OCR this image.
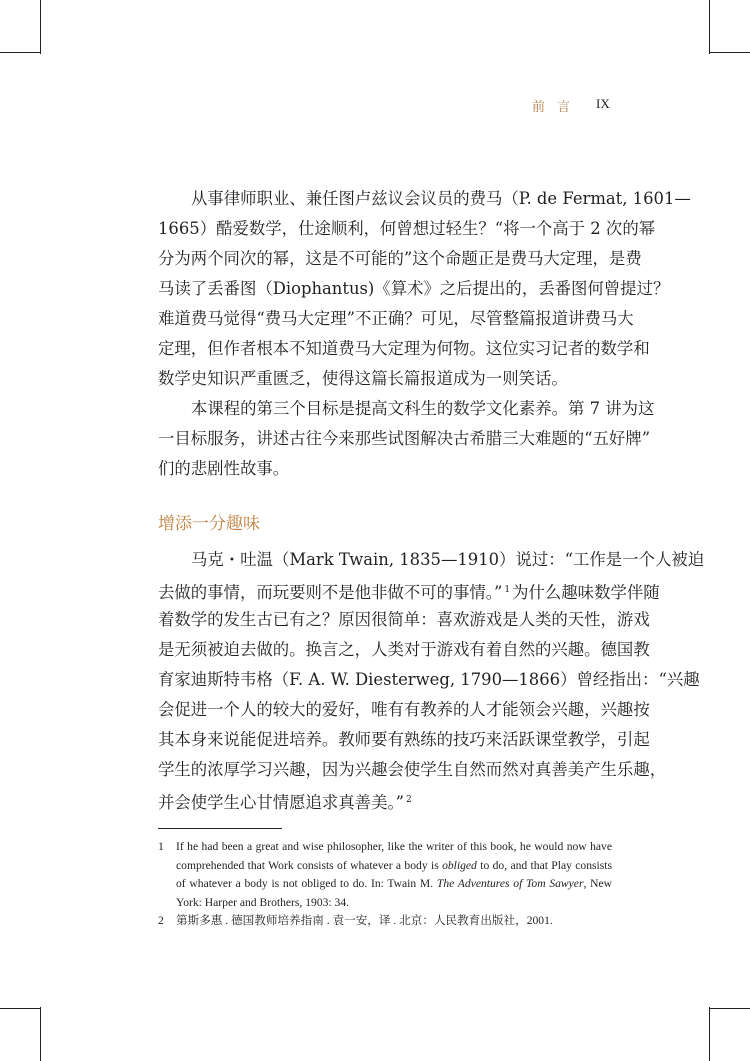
前 言 IX
从事律师职业、兼任图卢兹议会议员的费马（P. de Fermat, 1601—
1665）酷爱数学，仕途顺利，何曾想过轻生？“将一个高于 2 次的幂
分为两个同次的幂，这是不可能的”这个命题正是费马大定理，是费
马读了丢番图（Diophantus)《算术》之后提出的，丢番图何曾提过？
难道费马觉得“费马大定理”不正确？可见，尽管整篇报道讲费马大
定理，但作者根本不知道费马大定理为何物。这位实习记者的数学和
数学史知识严重匮乏，使得这篇长篇报道成为一则笑话。
本课程的第三个目标是提高文科生的数学文化素养。第 7 讲为这
一目标服务，讲述古往今来那些试图解决古希腊三大难题的“五好牌”
们的悲剧性故事。
马克・吐温（Mark Twain, 1835—1910）说过：“工作是一个人被迫
去做的事情，而玩要则不是他非做不可的事情。” $^1$ 为什么趣味数学伴随
着数学的发生古已有之？原因很简单：喜欢游戏是人类的天性，游戏
是无须被迫去做的。换言之，人类对于游戏有着自然的兴趣。德国教
育家迪斯特韦格（F. A. W. Diesterweg, 1790—1866）曾经指出：“兴趣
会促进一个人的较大的爱好，唯有有教养的人才能领会兴趣，兴趣按
其本身来说能促进培养。教师要有熟练的技巧来活跃课堂教学，引起
学生的浓厚学习兴趣，因为兴趣会使学生自然而然对真善美产生乐趣，
并会使学生心甘情愿追求真善美。” $^2$
增添一分趣味
1 If he had been a great and wise philosopher, like the writer of this book, he would now have
comprehended that Work consists of whatever a body is obliged to do, and that Play consists
of whatever a body is not obliged to do. In: Twain M. The Adventures of Tom Sawyer, New
York: Harper and Brothers, 1903: 34.
2 第斯多惠 . 德国教师培养指南 . 袁一安，译 . 北京：人民教育出版社，2001.
